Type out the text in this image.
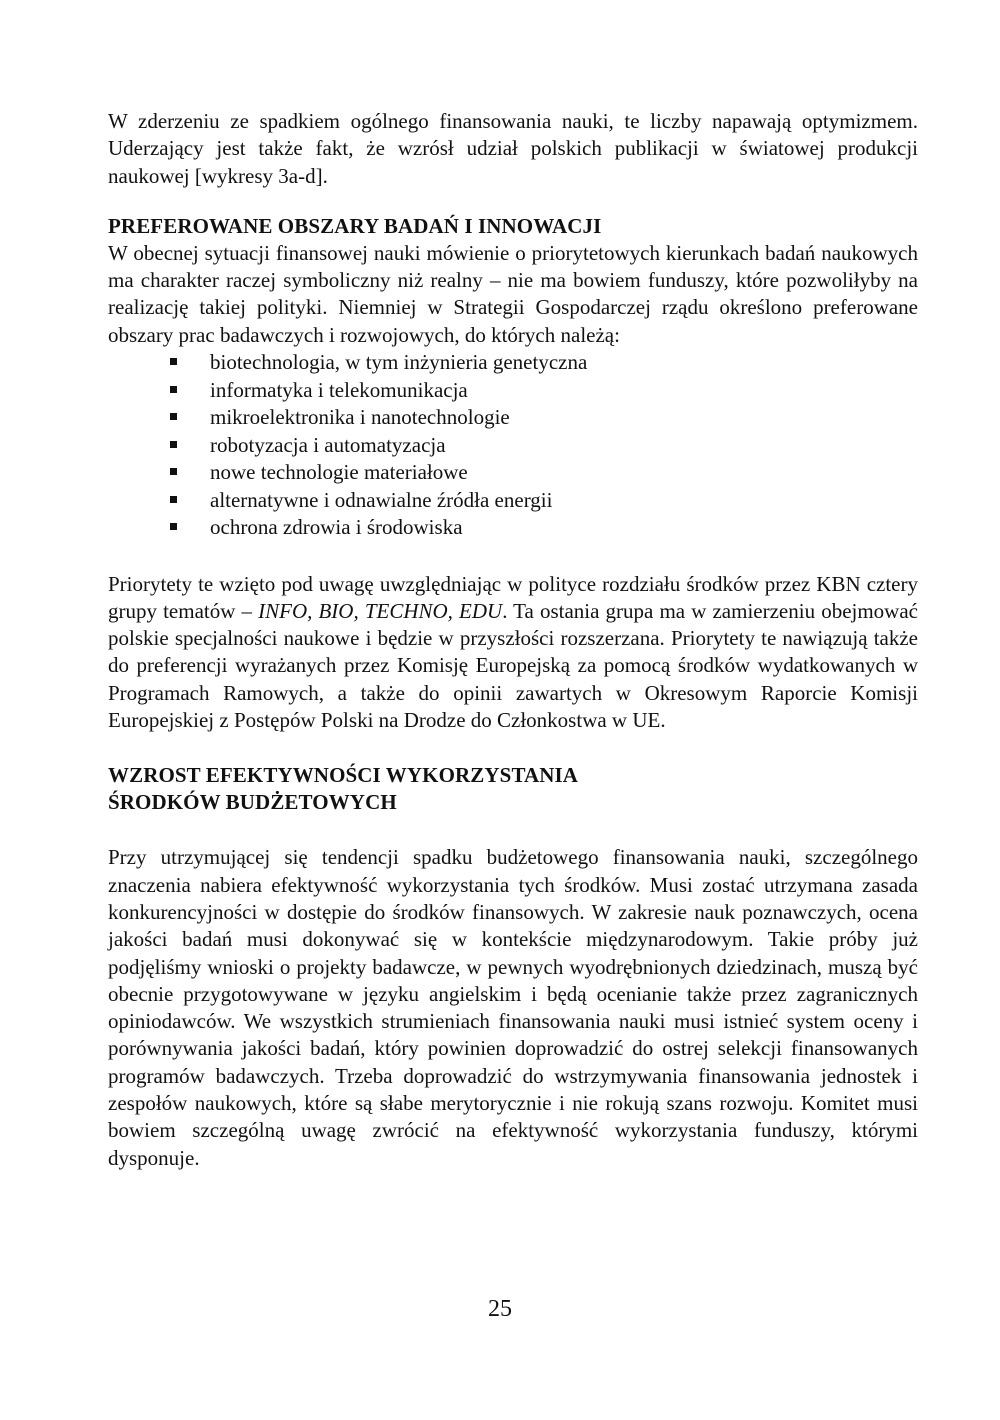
W zderzeniu ze spadkiem ogólnego finansowania nauki, te liczby napawają optymizmem. Uderzający jest także fakt, że wzrósł udział polskich publikacji w światowej produkcji naukowej [wykresy 3a-d].

PREFEROWANE OBSZARY BADAŃ I INNOWACJI

W obecnej sytuacji finansowej nauki mówienie o priorytetowych kierunkach badań naukowych ma charakter raczej symboliczny niż realny – nie ma bowiem funduszy, które pozwoliłyby na realizację takiej polityki. Niemniej w Strategii Gospodarczej rządu określono preferowane obszary prac badawczych i rozwojowych, do których należą:

biotechnologia, w tym inżynieria genetyczna
informatyka i telekomunikacja
mikroelektronika i nanotechnologie
robotyzacja i automatyzacja
nowe technologie materiałowe
alternatywne i odnawialne źródła energii
ochrona zdrowia i środowiska

Priorytety te wzięto pod uwagę uwzględniając w polityce rozdziału środków przez KBN cztery grupy tematów – INFO, BIO, TECHNO, EDU. Ta ostania grupa ma w zamierzeniu obejmować polskie specjalności naukowe i będzie w przyszłości rozszerzana. Priorytety te nawiązują także do preferencji wyrażanych przez Komisję Europejską za pomocą środków wydatkowanych w Programach Ramowych, a także do opinii zawartych w Okresowym Raporcie Komisji Europejskiej z Postępów Polski na Drodze do Członkostwa w UE.

WZROST EFEKTYWNOŚCI WYKORZYSTANIA
ŚRODKÓW BUDŻETOWYCH

Przy utrzymującej się tendencji spadku budżetowego finansowania nauki, szczególnego znaczenia nabiera efektywność wykorzystania tych środków. Musi zostać utrzymana zasada konkurencyjności w dostępie do środków finansowych. W zakresie nauk poznawczych, ocena jakości badań musi dokonywać się w kontekście międzynarodowym. Takie próby już podjęliśmy wnioski o projekty badawcze, w pewnych wyodrębnionych dziedzinach, muszą być obecnie przygotowywane w języku angielskim i będą ocenianie także przez zagranicznych opiniodawców. We wszystkich strumieniach finansowania nauki musi istnieć system oceny i porównywania jakości badań, który powinien doprowadzić do ostrej selekcji finansowanych programów badawczych. Trzeba doprowadzić do wstrzymywania finansowania jednostek i zespołów naukowych, które są słabe merytorycznie i nie rokują szans rozwoju. Komitet musi bowiem szczególną uwagę zwrócić na efektywność wykorzystania funduszy, którymi dysponuje.

25
